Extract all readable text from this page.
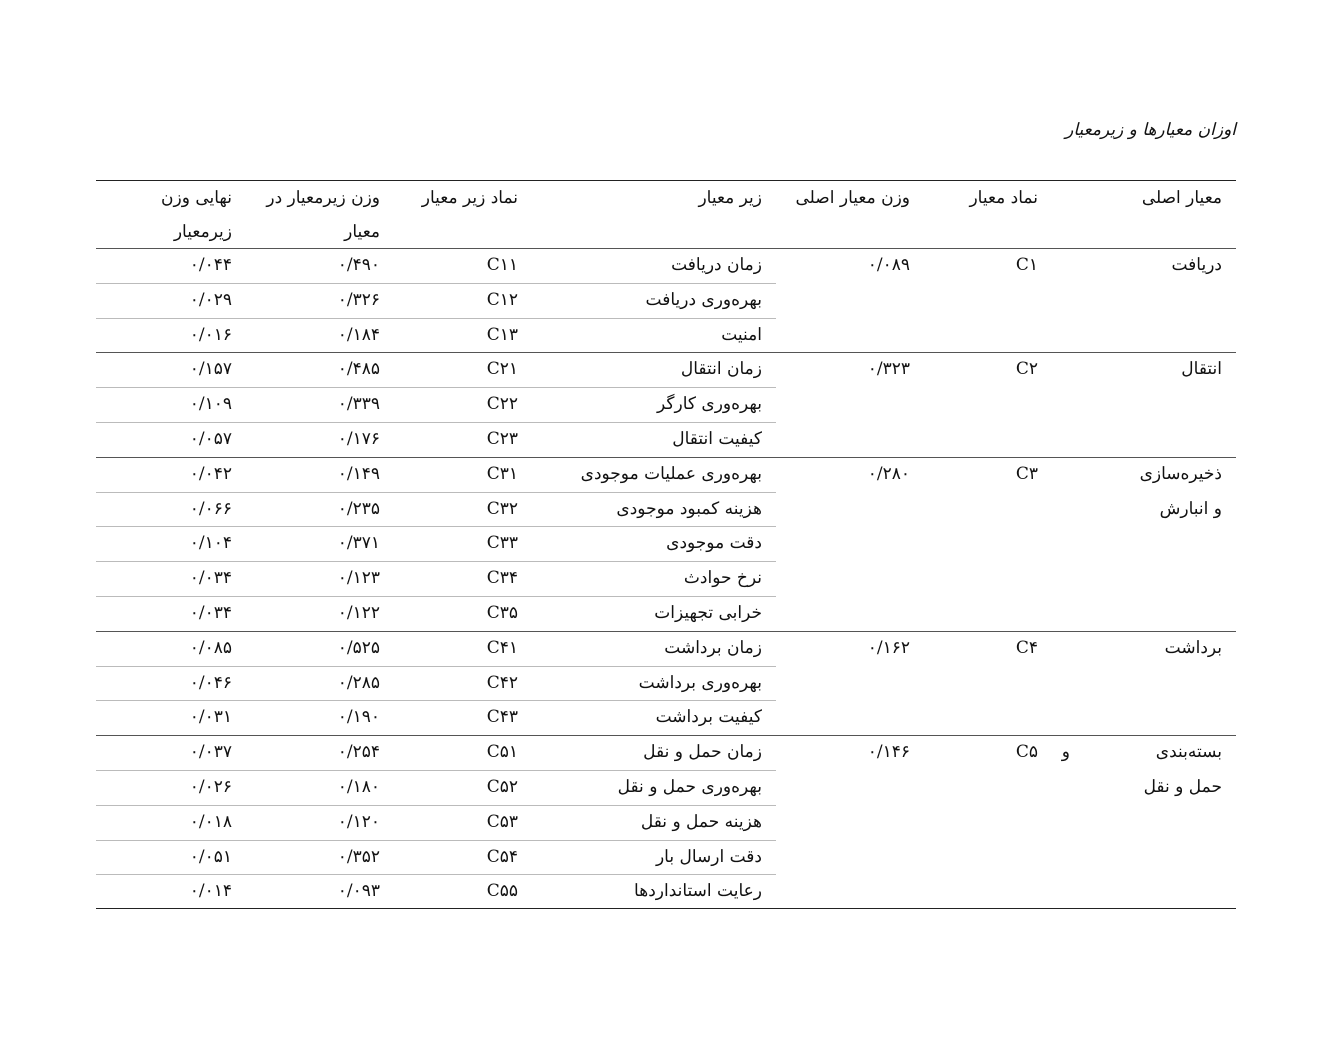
اوزان معیارها و زیرمعیار
معیار اصلی
نماد معیار
وزن معیار اصلی
زیر معیار
نماد زیر معیار
وزن زیرمعیار در
معیار
نهایی وزن
زیرمعیار
دریافت
C۱
۰/۰۸۹
زمان دریافت
C۱۱
۰/۴۹۰
۰/۰۴۴
بهره‌وری دریافت
C۱۲
۰/۳۲۶
۰/۰۲۹
امنیت
C۱۳
۰/۱۸۴
۰/۰۱۶
انتقال
C۲
۰/۳۲۳
زمان انتقال
C۲۱
۰/۴۸۵
۰/۱۵۷
بهره‌وری کارگر
C۲۲
۰/۳۳۹
۰/۱۰۹
کیفیت انتقال
C۲۳
۰/۱۷۶
۰/۰۵۷
ذخیره‌سازی
و انبارش
C۳
۰/۲۸۰
بهره‌وری عملیات موجودی
C۳۱
۰/۱۴۹
۰/۰۴۲
هزینه کمبود موجودی
C۳۲
۰/۲۳۵
۰/۰۶۶
دقت موجودی
C۳۳
۰/۳۷۱
۰/۱۰۴
نرخ حوادث
C۳۴
۰/۱۲۳
۰/۰۳۴
خرابی تجهیزات
C۳۵
۰/۱۲۲
۰/۰۳۴
برداشت
C۴
۰/۱۶۲
زمان برداشت
C۴۱
۰/۵۲۵
۰/۰۸۵
بهره‌وری برداشت
C۴۲
۰/۲۸۵
۰/۰۴۶
کیفیت برداشت
C۴۳
۰/۱۹۰
۰/۰۳۱
بسته‌بندی
حمل و نقل
و
C۵
۰/۱۴۶
زمان حمل و نقل
C۵۱
۰/۲۵۴
۰/۰۳۷
بهره‌وری حمل و نقل
C۵۲
۰/۱۸۰
۰/۰۲۶
هزینه حمل و نقل
C۵۳
۰/۱۲۰
۰/۰۱۸
دقت ارسال بار
C۵۴
۰/۳۵۲
۰/۰۵۱
رعایت استانداردها
C۵۵
۰/۰۹۳
۰/۰۱۴
